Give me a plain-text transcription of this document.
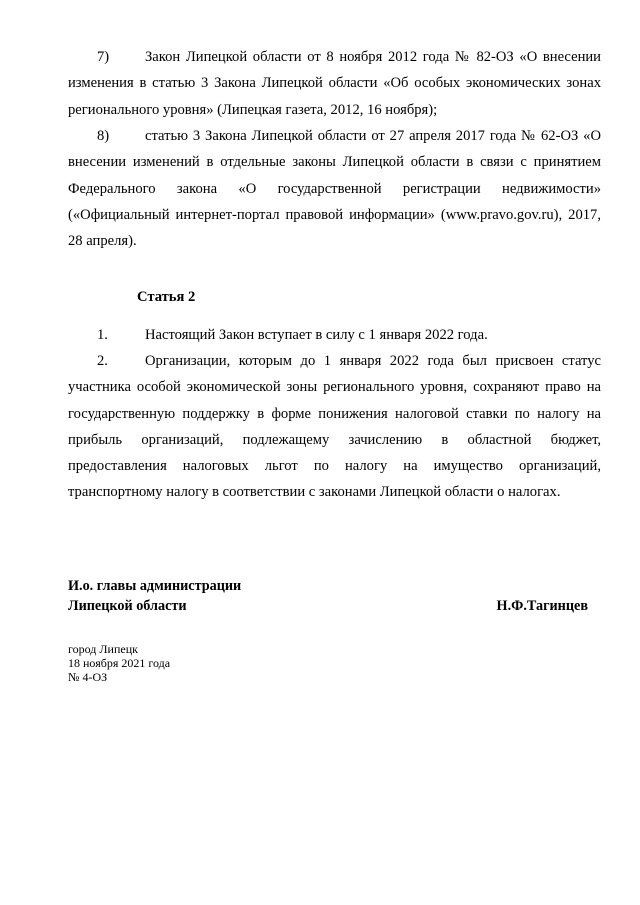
7) Закон Липецкой области от 8 ноября 2012 года № 82-ОЗ «О внесении изменения в статью 3 Закона Липецкой области «Об особых экономических зонах регионального уровня» (Липецкая газета, 2012, 16 ноября);
8) статью 3 Закона Липецкой области от 27 апреля 2017 года № 62-ОЗ «О внесении изменений в отдельные законы Липецкой области в связи с принятием Федерального закона «О государственной регистрации недвижимости» («Официальный интернет-портал правовой информации» (www.pravo.gov.ru), 2017, 28 апреля).
Статья 2
1.	Настоящий Закон вступает в силу с 1 января 2022 года.
2.	Организации, которым до 1 января 2022 года был присвоен статус участника особой экономической зоны регионального уровня, сохраняют право на государственную поддержку в форме понижения налоговой ставки по налогу на прибыль организаций, подлежащему зачислению в областной бюджет, предоставления налоговых льгот по налогу на имущество организаций, транспортному налогу в соответствии с законами Липецкой области о налогах.
И.о. главы администрации
Липецкой области	Н.Ф.Тагинцев
город Липецк
18 ноября 2021 года
№ 4-ОЗ
